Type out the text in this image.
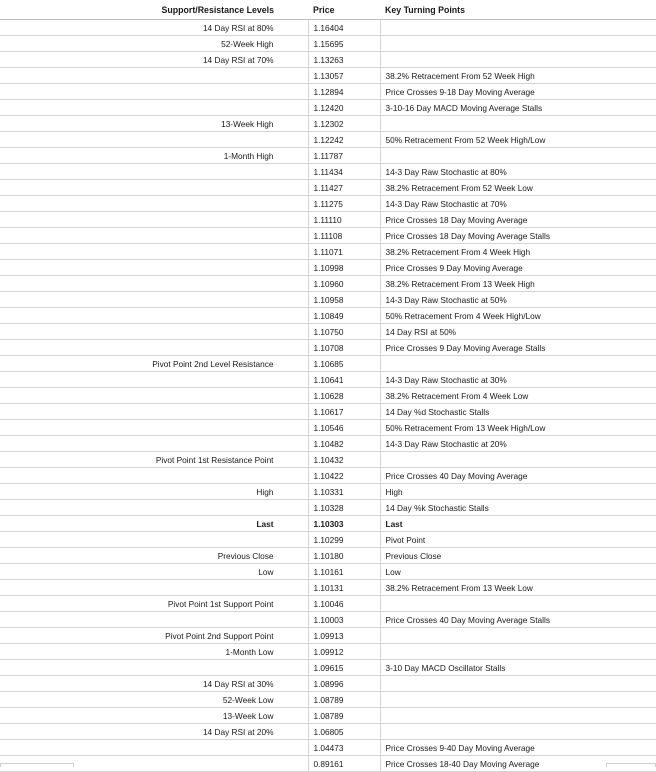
Support/Resistance Levels	Price	Key Turning Points
14 Day RSI at 80%	1.16404	
52-Week High	1.15695	
14 Day RSI at 70%	1.13263	
	1.13057	38.2% Retracement From 52 Week High
	1.12894	Price Crosses 9-18 Day Moving Average
	1.12420	3-10-16 Day MACD Moving Average Stalls
13-Week High	1.12302	
	1.12242	50% Retracement From 52 Week High/Low
1-Month High	1.11787	
	1.11434	14-3 Day Raw Stochastic at 80%
	1.11427	38.2% Retracement From 52 Week Low
	1.11275	14-3 Day Raw Stochastic at 70%
	1.11110	Price Crosses 18 Day Moving Average
	1.11108	Price Crosses 18 Day Moving Average Stalls
	1.11071	38.2% Retracement From 4 Week High
	1.10998	Price Crosses 9 Day Moving Average
	1.10960	38.2% Retracement From 13 Week High
	1.10958	14-3 Day Raw Stochastic at 50%
	1.10849	50% Retracement From 4 Week High/Low
	1.10750	14 Day RSI at 50%
	1.10708	Price Crosses 9 Day Moving Average Stalls
Pivot Point 2nd Level Resistance	1.10685	
	1.10641	14-3 Day Raw Stochastic at 30%
	1.10628	38.2% Retracement From 4 Week Low
	1.10617	14 Day %d Stochastic Stalls
	1.10546	50% Retracement From 13 Week High/Low
	1.10482	14-3 Day Raw Stochastic at 20%
Pivot Point 1st Resistance Point	1.10432	
	1.10422	Price Crosses 40 Day Moving Average
High	1.10331	High
	1.10328	14 Day %k Stochastic Stalls
Last	1.10303	Last
	1.10299	Pivot Point
Previous Close	1.10180	Previous Close
Low	1.10161	Low
	1.10131	38.2% Retracement From 13 Week Low
Pivot Point 1st Support Point	1.10046	
	1.10003	Price Crosses 40 Day Moving Average Stalls
Pivot Point 2nd Support Point	1.09913	
1-Month Low	1.09912	
	1.09615	3-10 Day MACD Oscillator Stalls
14 Day RSI at 30%	1.08996	
52-Week Low	1.08789	
13-Week Low	1.08789	
14 Day RSI at 20%	1.06805	
	1.04473	Price Crosses 9-40 Day Moving Average
	0.89161	Price Crosses 18-40 Day Moving Average
